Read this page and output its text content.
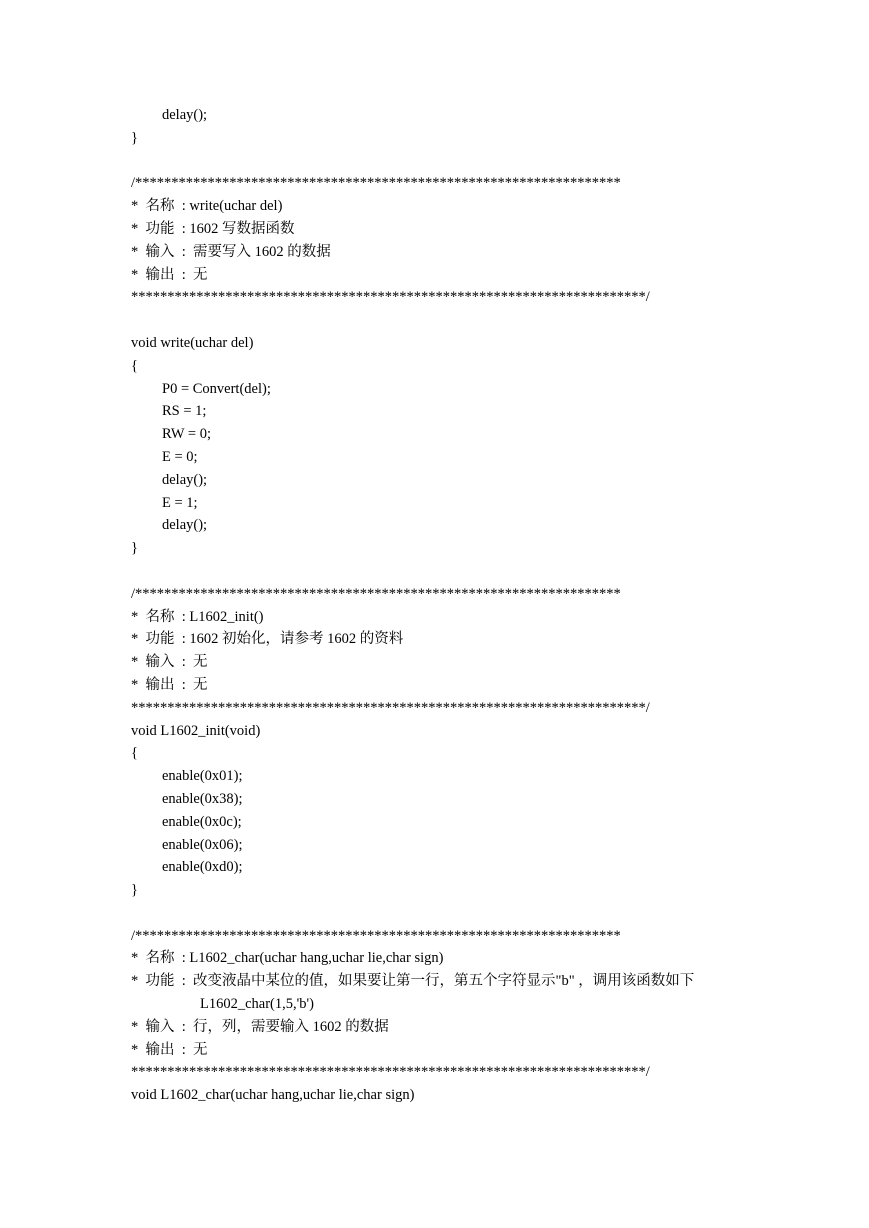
delay();
}
/*******************************************************************
*  名称  : write(uchar del)
*  功能  : 1602 写数据函数
*  输入  :  需要写入 1602 的数据
*  输出  :  无
***********************************************************************/
void write(uchar del)
{
P0 = Convert(del);
RS = 1;
RW = 0;
E = 0;
delay();
E = 1;
delay();
}
/*******************************************************************
*  名称  : L1602_init()
*  功能  : 1602 初始化，请参考 1602 的资料
*  输入  :  无
*  输出  :  无
***********************************************************************/
void L1602_init(void)
{
enable(0x01);
enable(0x38);
enable(0x0c);
enable(0x06);
enable(0xd0);
}
/*******************************************************************
*  名称  : L1602_char(uchar hang,uchar lie,char sign)
*  功能  :  改变液晶中某位的值，如果要让第一行，第五个字符显示"b" ，调用该函数如下
L1602_char(1,5,'b')
*  输入  :  行，列，需要输入 1602 的数据
*  输出  :  无
***********************************************************************/
void L1602_char(uchar hang,uchar lie,char sign)
